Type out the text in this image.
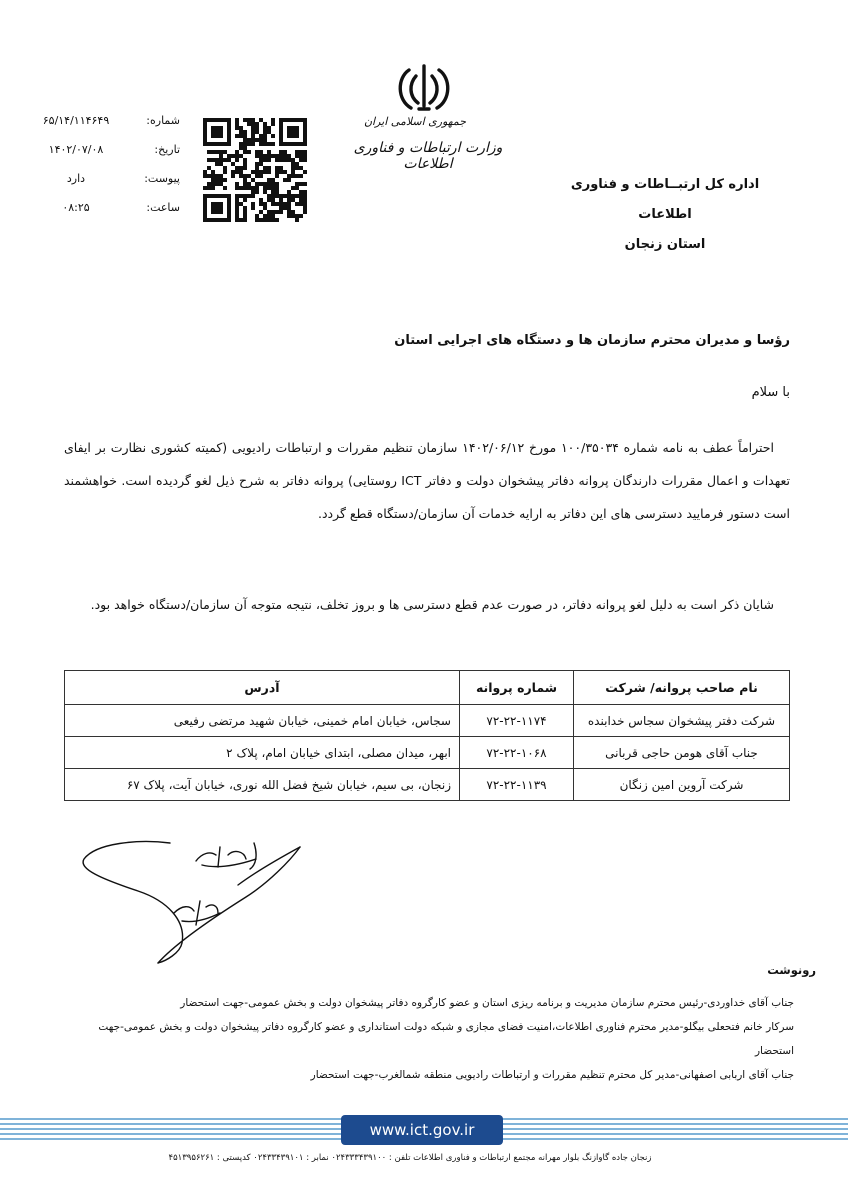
جمهوری اسلامی ایران
وزارت ارتباطات و فناوری اطلاعات
اداره کل ارتبــاطات و فناوری اطلاعات
استان زنجان
شماره:
۶۵/۱۴/۱۱۴۶۴۹
تاریخ:
۱۴۰۲/۰۷/۰۸
پیوست:
دارد
ساعت:
۰۸:۲۵
رؤسا و مدیران محترم سازمان ها و دستگاه های اجرایی استان
با سلام

احتراماً عطف به نامه شماره ۱۰۰/۳۵۰۳۴ مورخ ۱۴۰۲/۰۶/۱۲ سازمان تنظیم مقررات و ارتباطات رادیویی (کمیته کشوری نظارت بر ایفای تعهدات و اعمال مقررات دارندگان پروانه دفاتر پیشخوان دولت و دفاتر ICT روستایی) پروانه دفاتر به شرح ذیل لغو گردیده است. خواهشمند است دستور فرمایید دسترسی های این دفاتر به ارایه خدمات آن سازمان/دستگاه قطع گردد.

شایان ذکر است به دلیل لغو پروانه دفاتر، در صورت عدم قطع دسترسی ها و بروز تخلف، نتیجه متوجه آن سازمان/دستگاه خواهد بود.

نام صاحب پروانه/ شرکت	شماره پروانه	آدرس
شرکت دفتر پیشخوان سجاس خدابنده	۷۲-۲۲-۱۱۷۴	سجاس، خیابان امام خمینی، خیابان شهید مرتضی رفیعی
جناب آقای هومن حاجی قربانی	۷۲-۲۲-۱۰۶۸	ابهر، میدان مصلی، ابتدای خیابان امام، پلاک ۲
شرکت آروین امین زنگان	۷۲-۲۲-۱۱۳۹	زنجان، بی سیم، خیابان شیخ فضل الله نوری، خیابان آیت، پلاک ۶۷
رونوشت
جناب آقای خداوردی-رئیس محترم سازمان مدیریت و برنامه ریزی استان و عضو کارگروه دفاتر پیشخوان دولت و بخش عمومی-جهت استحضار
سرکار خانم فتحعلی بیگلو-مدیر محترم فناوری اطلاعات،امنیت فضای مجازی و شبکه دولت استانداری و عضو کارگروه دفاتر پیشخوان دولت و بخش عمومی-جهت استحضار
جناب آقای اربابی اصفهانی-مدیر کل محترم تنظیم مقررات و ارتباطات رادیویی منطقه شمالغرب-جهت استحضار
www.ict.gov.ir
زنجان جاده گاوازنگ بلوار مهرانه مجتمع ارتباطات و فناوری اطلاعات تلفن : ۰۲۴۳۳۳۴۳۹۱۰۰ نمابر : ۰۲۴۳۳۴۳۹۱۰۱ کدپستی : ۴۵۱۳۹۵۶۲۶۱
